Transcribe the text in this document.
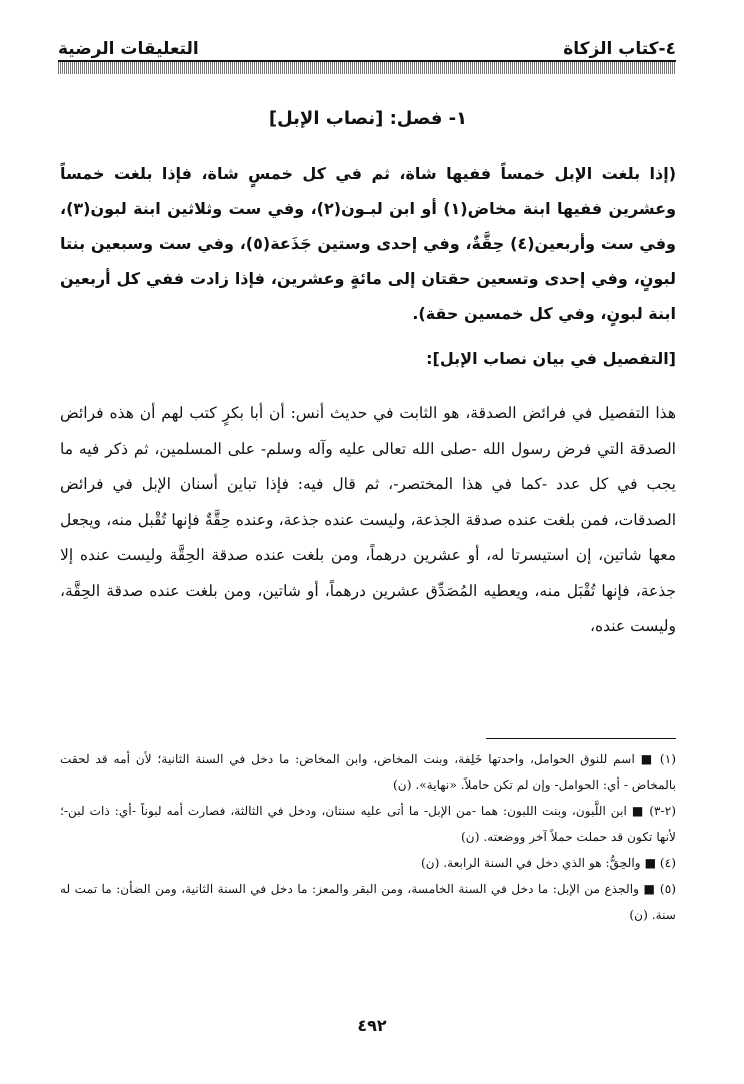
٤-كتاب الزكاة
التعليقات الرضية

١- فصل: [نصاب الإبل]

(إذا بلغت الإبل خمساً ففيها شاة، ثم في كل خمسٍ شاة، فإذا بلغت خمساً وعشرين ففيها ابنة مخاض(١) أو ابن لبـون(٢)، وفي ست وثلاثين ابنة لبون(٣)، وفي ست وأربعين(٤) حِقَّةٌ، وفي إحدى وستين جَذَعة(٥)، وفي ست وسبعين بنتا لبونٍ، وفي إحدى وتسعين حقتان إلى مائةٍ وعشرين، فإذا زادت ففي كل أربعين ابنة لبونٍ، وفي كل خمسين حقة).

[التفصيل في بيان نصاب الإبل]:

هذا التفصيل في فرائض الصدقة، هو الثابت في حديث أنس: أن أبا بكرٍ كتب لهم أن هذه فرائض الصدقة التي فرض رسول الله -صلى الله تعالى عليه وآله وسلم- على المسلمين، ثم ذكر فيه ما يجب في كل عدد -كما في هذا المختصر-، ثم قال فيه: فإذا تباين أسنان الإبل في فرائض الصدقات، فمن بلغت عنده صدقة الجذعة، وليست عنده جذعة، وعنده حِقَّةٌ فإنها تُقْبل منه، ويجعل معها شاتين، إن استيسرتا له، أو عشرين درهماً، ومن بلغت عنده صدقة الحِقَّة وليست عنده إلا جذعة، فإنها تُقْبَل منه، ويعطيه المُصَدِّق عشرين درهماً، أو شاتين، ومن بلغت عنده صدقة الحِقَّة، وليست عنده،

(١) ■ اسم للنوق الحوامل، واحدتها خَلِفة، وبنت المخاض، وابن المخاض: ما دخل في السنة الثانية؛ لأن أمه قد لحقت بالمخاض - أي: الحوامل- وإن لم تكن حاملاً. «نهاية». (ن)

(٢-٣) ■ ابن اللَّبون، وبنت اللبون: هما -من الإبل- ما أتى عليه سنتان، ودخل في الثالثة، فصارت أمه لبوناً -أي: ذات لبن-؛ لأنها تكون قد حملت حملاً آخر ووضعته. (ن)

(٤) ■ والحِقُّ: هو الذي دخل في السنة الرابعة. (ن)

(٥) ■ والجذع من الإبل: ما دخل في السنة الخامسة، ومن البقر والمعز: ما دخل في السنة الثانية، ومن الضأن: ما تمت له سنة. (ن)

٤٩٢
